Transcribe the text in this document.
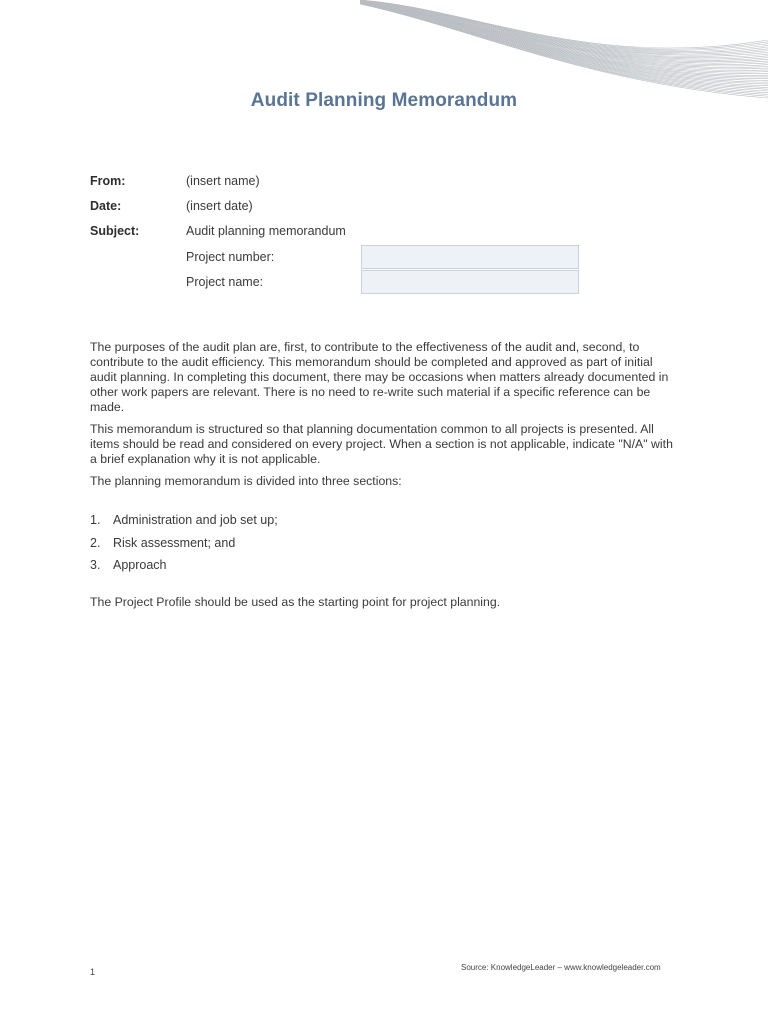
Audit Planning Memorandum
From:	(insert name)
Date:	(insert date)
Subject:	Audit planning memorandum
Project number:
Project name:

The purposes of the audit plan are, first, to contribute to the effectiveness of the audit and, second, to contribute to the audit efficiency. This memorandum should be completed and approved as part of initial audit planning. In completing this document, there may be occasions when matters already documented in other work papers are relevant. There is no need to re-write such material if a specific reference can be made.

This memorandum is structured so that planning documentation common to all projects is presented. All items should be read and considered on every project. When a section is not applicable, indicate "N/A" with a brief explanation why it is not applicable.

The planning memorandum is divided into three sections:

1. Administration and job set up;
2. Risk assessment; and
3. Approach

The Project Profile should be used as the starting point for project planning.

1	Source: KnowledgeLeader – www.knowledgeleader.com
